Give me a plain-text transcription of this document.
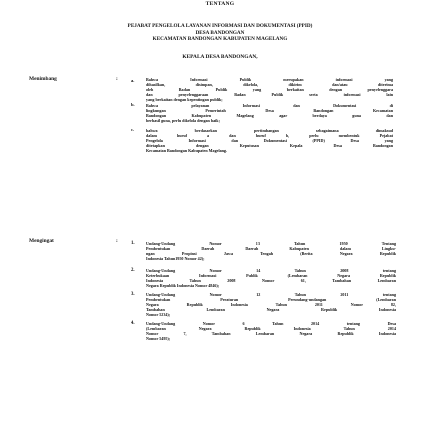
TENTANG
PEJABAT PENGELOLA LAYANAN INFORMASI DAN DOKUMENTASI (PPID)
DESA BANDONGAN
KECAMATAN BANDONGAN KABUPATEN MAGELANG
KEPALA DESA BANDONGAN,
Menimbang	:	a.	Bahwa Informasi Publik merupakan informasi yang
dihasilkan, disimpan, dikelola, dikirim dan/atau diterima
oleh Badan Publik yang berkaitan dengan penyelenggara
dan penyelenggaraan Badan Publik serta informasi lain
yang berkaitan dengan kepentingan publik;
b.	Bahwa pelayanan Informasi dan Dokumentasi di
lingkungan Pemerintah Desa Bandongan Kecamatan
Bandongan Kabupaten Magelang agar berdaya guna dan
berhasil guna, perlu dikelola dengan baik;
c.	bahwa berdasarkan pertimbangan sebagaimana dimaksud
dalam huruf a dan huruf b, perlu membentuk Pejabat
Pengelola Informasi dan Dokumentasi (PPID) Desa yang
ditetapkan dengan Keputusan Kepala Desa Bandongan
Kecamatan Bandongan Kabupaten Magelang.
Mengingat	:	1.	Undang-Undang Nomor 13 Tahun 1950 Tentang
Pembentukan Daerah Daerah Kabupaten dalam Lingku-
ngan Propinsi Jawa Tengah (Berita Negara Republik
Indonesia Tahun1950 Nomor 42);
2.	Undang-Undang Nomor 14 Tahun 2008 tentang
Keterbukaan Informasi Publik (Lembaran Negara Republik
Indonesia Tahun 2008 Nomor 61, Tambahan Lembaran
Negara Republik Indonesia Nomor 4846);
3.	Undang-Undang Nomor 12 Tahun 2011 tentang
Pembentukan Peraturan Perundang-undangan (Lembaran
Negara Republik Indonesia Tahun 2011 Nomor 82,
Tambahan Lembaran Negara Republik Indonesia
Nomor 5234);
4.	Undang-Undang Nomor 6 Tahun 2014 tentang Desa
(Lembaran Negara Republik Indonesia Tahun 2014
Nomor 7, Tambahan Lembaran Negara Republik Indonesia
Nomor 5495);
